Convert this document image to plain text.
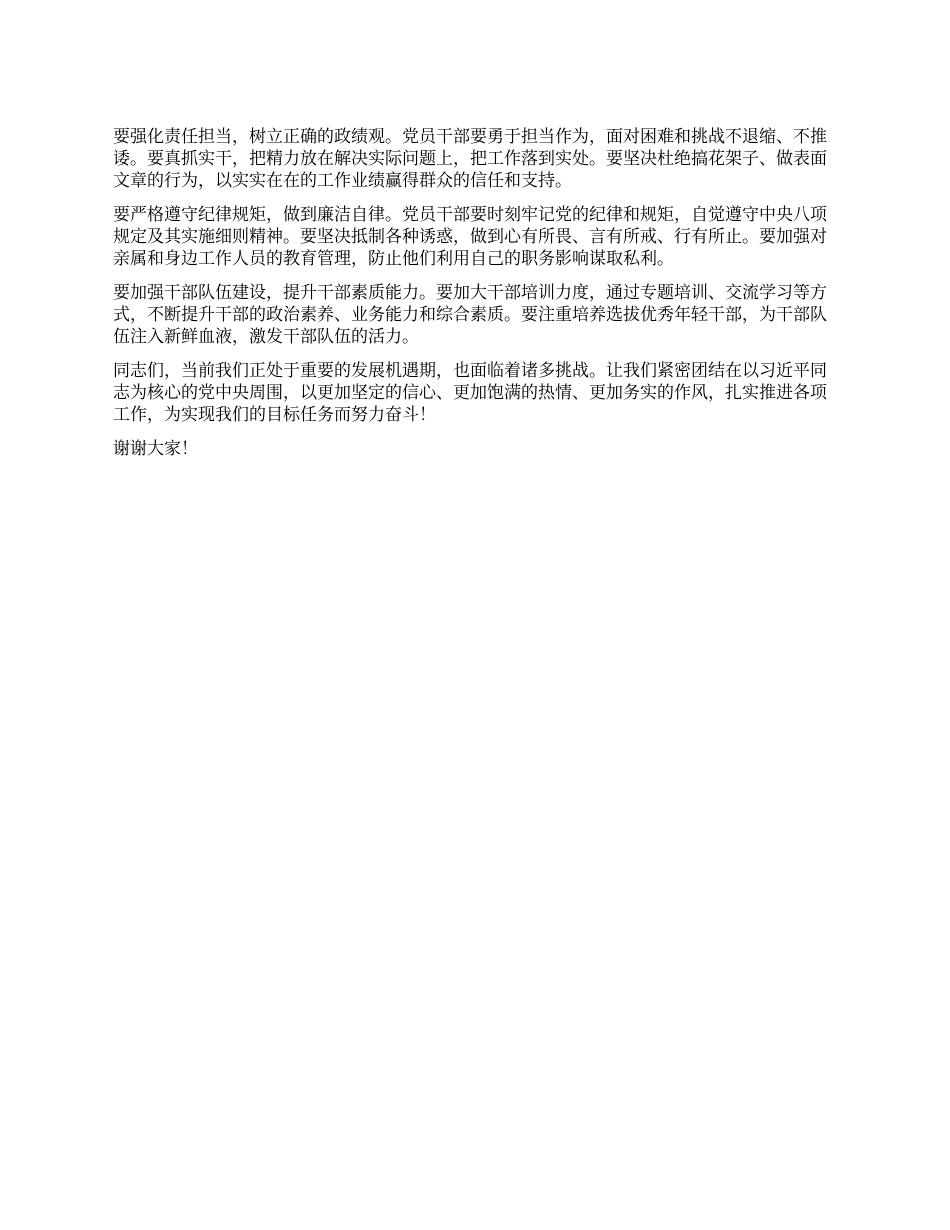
要强化责任担当，树立正确的政绩观。党员干部要勇于担当作为，面对困难和挑战不退缩、不推诿。要真抓实干，把精力放在解决实际问题上，把工作落到实处。要坚决杜绝搞花架子、做表面文章的行为，以实实在在的工作业绩赢得群众的信任和支持。

要严格遵守纪律规矩，做到廉洁自律。党员干部要时刻牢记党的纪律和规矩，自觉遵守中央八项规定及其实施细则精神。要坚决抵制各种诱惑，做到心有所畏、言有所戒、行有所止。要加强对亲属和身边工作人员的教育管理，防止他们利用自己的职务影响谋取私利。

要加强干部队伍建设，提升干部素质能力。要加大干部培训力度，通过专题培训、交流学习等方式，不断提升干部的政治素养、业务能力和综合素质。要注重培养选拔优秀年轻干部，为干部队伍注入新鲜血液，激发干部队伍的活力。

同志们，当前我们正处于重要的发展机遇期，也面临着诸多挑战。让我们紧密团结在以习近平同志为核心的党中央周围，以更加坚定的信心、更加饱满的热情、更加务实的作风，扎实推进各项工作，为实现我们的目标任务而努力奋斗！

谢谢大家！
